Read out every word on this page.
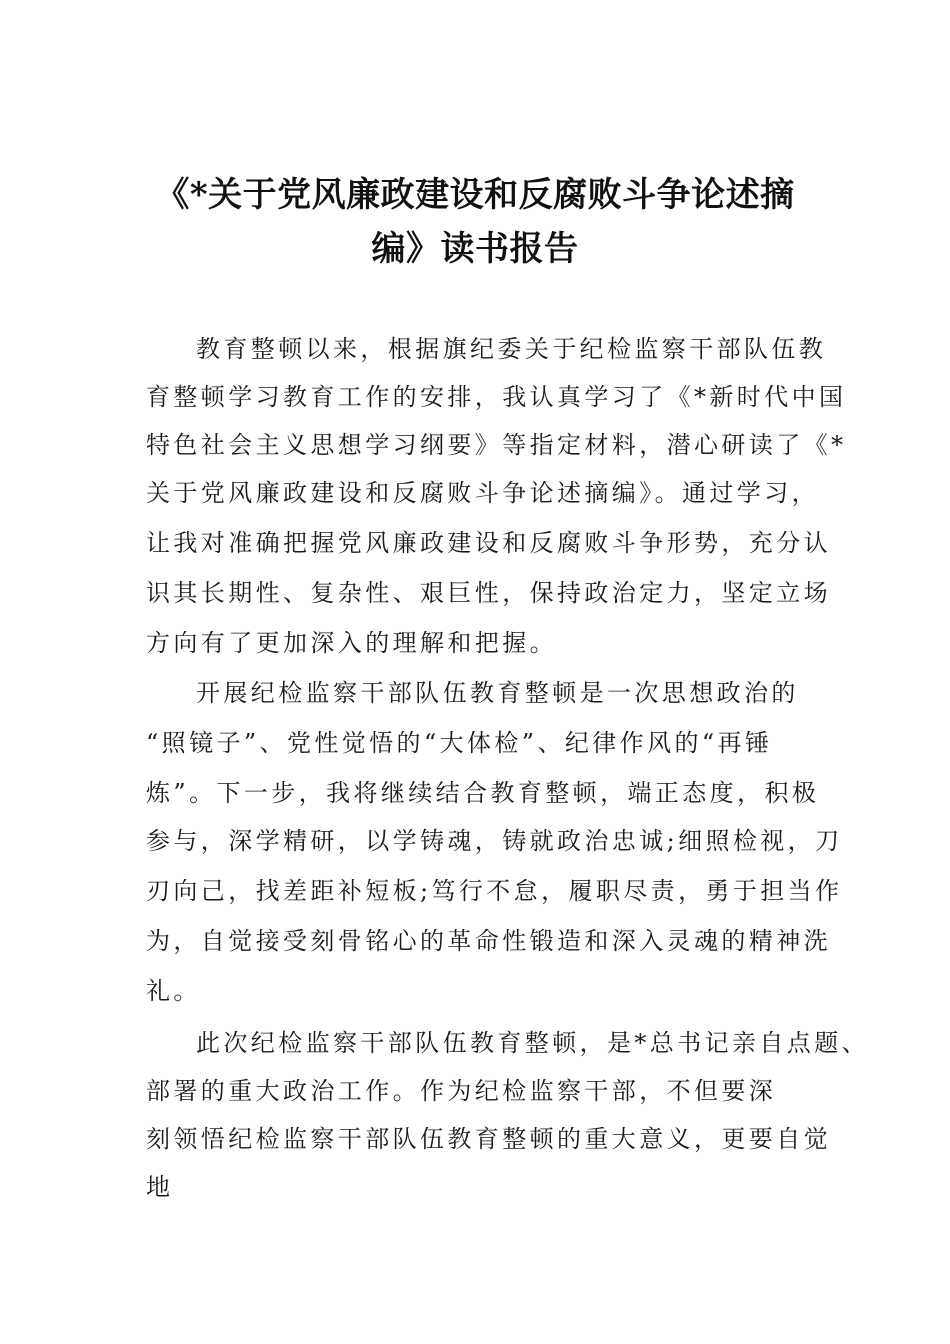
《*关于党风廉政建设和反腐败斗争论述摘
编》读书报告
教育整顿以来，根据旗纪委关于纪检监察干部队伍教
育整顿学习教育工作的安排，我认真学习了《*新时代中国
特色社会主义思想学习纲要》等指定材料，潜心研读了《*
关于党风廉政建设和反腐败斗争论述摘编》。通过学习，
让我对准确把握党风廉政建设和反腐败斗争形势，充分认
识其长期性、复杂性、艰巨性，保持政治定力，坚定立场
方向有了更加深入的理解和把握。
开展纪检监察干部队伍教育整顿是一次思想政治的
“照镜子”、党性觉悟的“大体检”、纪律作风的“再锤
炼”。下一步，我将继续结合教育整顿，端正态度，积极
参与，深学精研，以学铸魂，铸就政治忠诚;细照检视，刀
刃向己，找差距补短板;笃行不怠，履职尽责，勇于担当作
为，自觉接受刻骨铭心的革命性锻造和深入灵魂的精神洗
礼。
此次纪检监察干部队伍教育整顿，是*总书记亲自点题、
部署的重大政治工作。作为纪检监察干部，不但要深
刻领悟纪检监察干部队伍教育整顿的重大意义，更要自觉
地
